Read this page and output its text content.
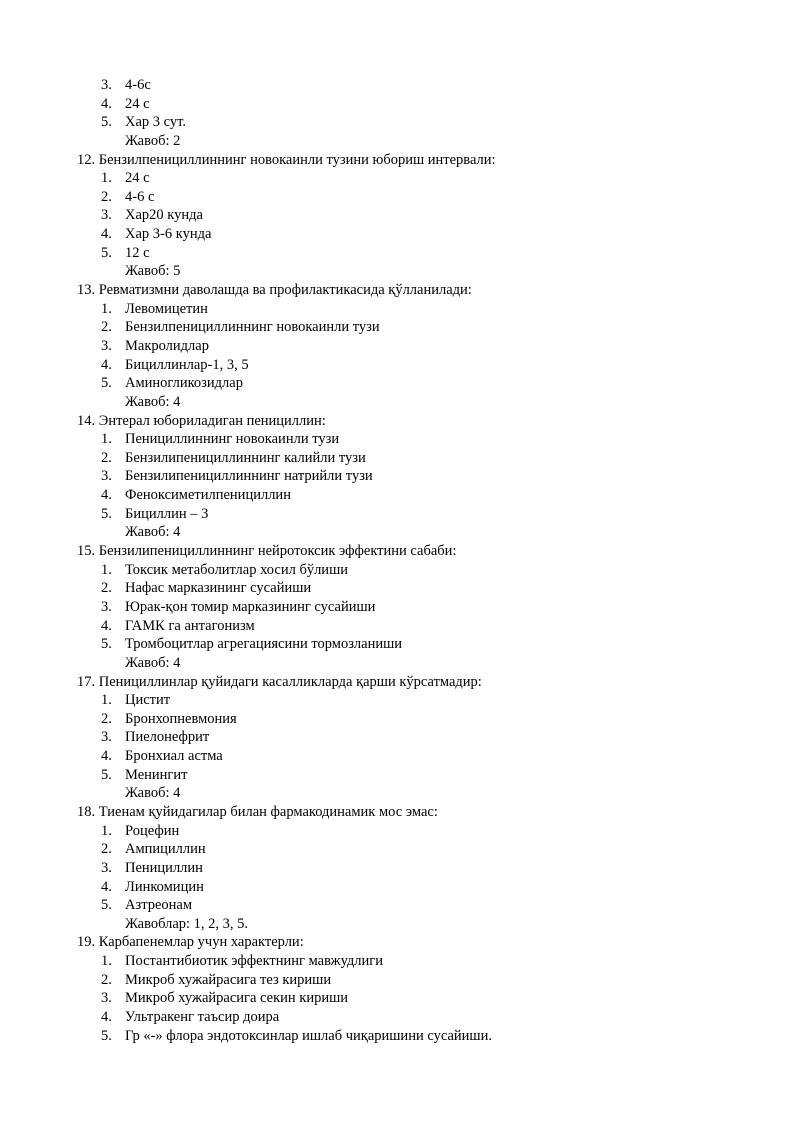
3. 4-6с
4. 24 с
5. Хар 3 сут.
Жавоб: 2
12. Бензилпенициллиннинг новокаинли тузини юбориш интервали:
1. 24 с
2. 4-6 с
3. Хар20 кунда
4. Хар 3-6 кунда
5. 12 с
Жавоб: 5
13. Ревматизмни даволашда ва профилактикасида қўлланилади:
1. Левомицетин
2. Бензилпенициллиннинг новокаинли тузи
3. Макролидлар
4. Бициллинлар-1, 3, 5
5. Аминогликозидлар
Жавоб: 4
14. Энтерал юбориладиган пенициллин:
1. Пенициллиннинг новокаинли тузи
2. Бензилипенициллиннинг калийли тузи
3. Бензилипенициллиннинг натрийли тузи
4. Феноксиметилпенициллин
5. Бициллин – 3
Жавоб: 4
15. Бензилипенициллиннинг нейротоксик эффектини сабаби:
1. Токсик метаболитлар хосил бўлиши
2. Нафас марказининг сусайиши
3. Юрак-қон томир марказининг сусайиши
4. ГАМК га антагонизм
5. Тромбоцитлар агрегациясини тормозланиши
Жавоб: 4
17. Пенициллинлар қуйидаги касалликларда қарши кўрсатмадир:
1. Цистит
2. Бронхопневмония
3. Пиелонефрит
4. Бронхиал астма
5. Менингит
Жавоб: 4
18. Тиенам қуйидагилар билан фармакодинамик мос эмас:
1. Роцефин
2. Ампициллин
3. Пенициллин
4. Линкомицин
5. Азтреонам
Жавоблар: 1, 2, 3, 5.
19. Карбапенемлар учун характерли:
1. Постантибиотик эффектнинг мавжудлиги
2. Микроб хужайрасига тез кириши
3. Микроб хужайрасига секин кириши
4. Ультракенг таъсир доира
5. Гр «-» флора эндотоксинлар ишлаб чиқаришини сусайиши.
